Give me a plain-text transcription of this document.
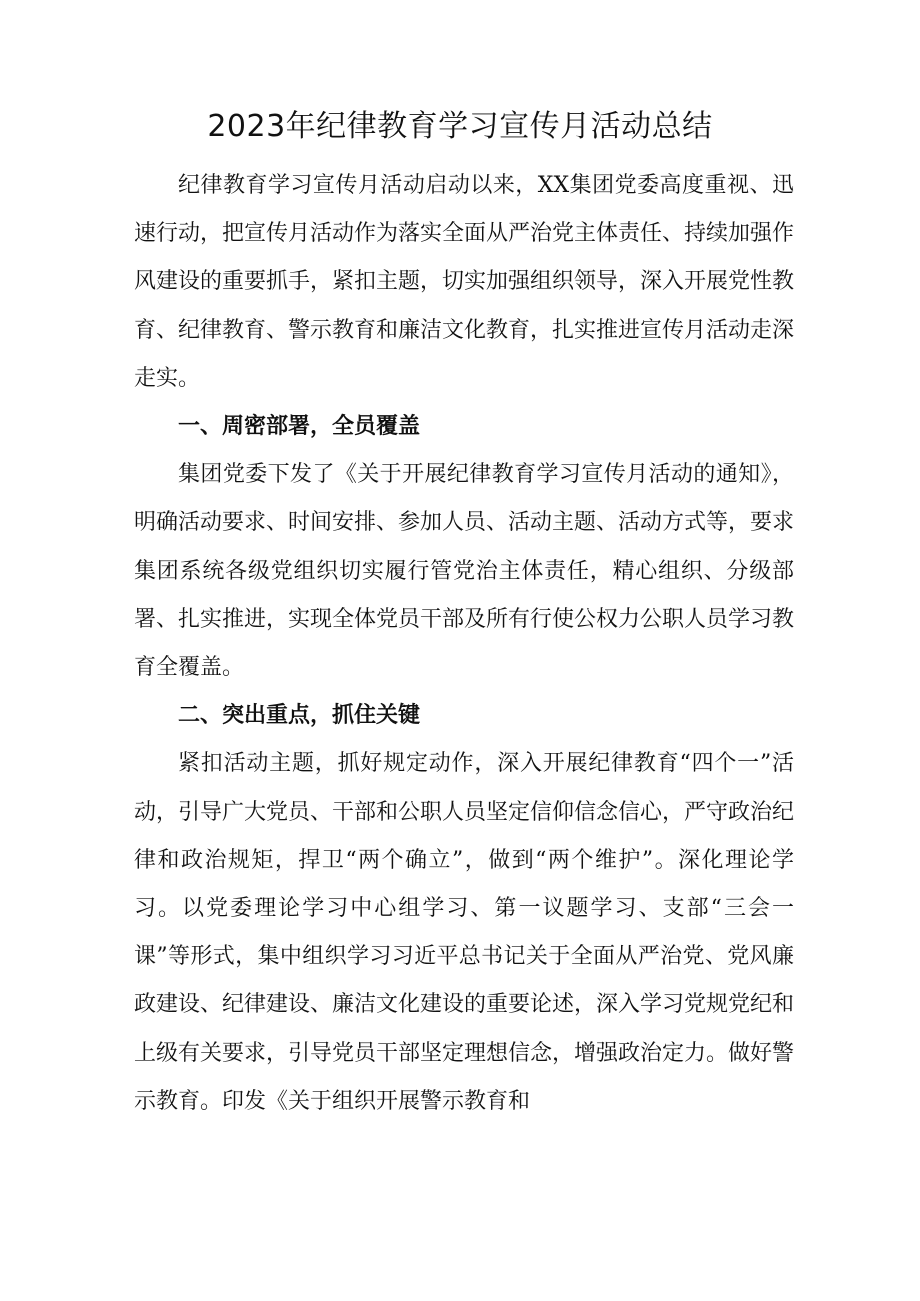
2023年纪律教育学习宣传月活动总结

纪律教育学习宣传月活动启动以来，XX集团党委高度重视、迅速行动，把宣传月活动作为落实全面从严治党主体责任、持续加强作风建设的重要抓手，紧扣主题，切实加强组织领导，深入开展党性教育、纪律教育、警示教育和廉洁文化教育，扎实推进宣传月活动走深走实。

一、周密部署，全员覆盖

集团党委下发了《关于开展纪律教育学习宣传月活动的通知》，明确活动要求、时间安排、参加人员、活动主题、活动方式等，要求集团系统各级党组织切实履行管党治主体责任，精心组织、分级部署、扎实推进，实现全体党员干部及所有行使公权力公职人员学习教育全覆盖。

二、突出重点，抓住关键

紧扣活动主题，抓好规定动作，深入开展纪律教育“四个一”活动，引导广大党员、干部和公职人员坚定信仰信念信心，严守政治纪律和政治规矩，捍卫“两个确立”，做到“两个维护”。深化理论学习。以党委理论学习中心组学习、第一议题学习、支部“三会一课”等形式，集中组织学习习近平总书记关于全面从严治党、党风廉政建设、纪律建设、廉洁文化建设的重要论述，深入学习党规党纪和上级有关要求，引导党员干部坚定理想信念，增强政治定力。做好警示教育。印发《关于组织开展警示教育和
